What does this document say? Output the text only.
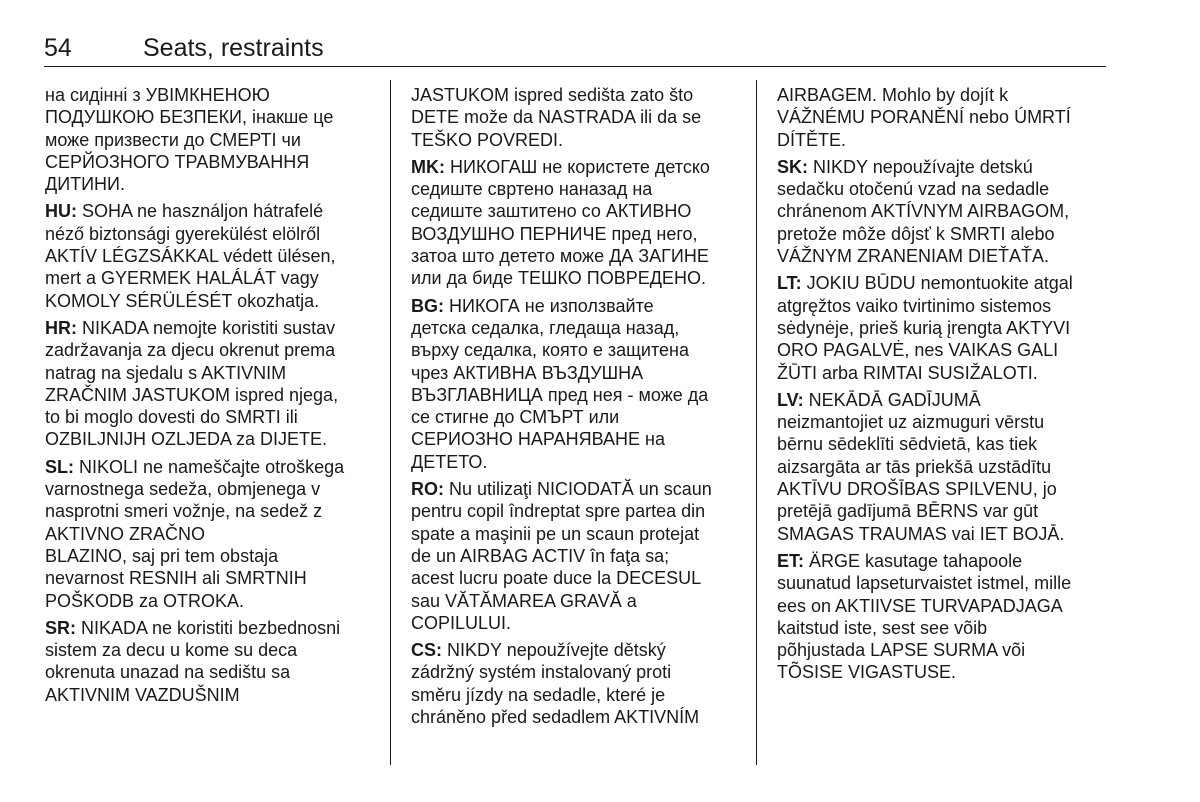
54	Seats, restraints
на сидінні з УВІМКНЕНОЮ
ПОДУШКОЮ БЕЗПЕКИ, інакше це
може призвести до СМЕРТІ чи
СЕРЙОЗНОГО ТРАВМУВАННЯ
ДИТИНИ.
HU: SOHA ne használjon hátrafelé
néző biztonsági gyerekülést elölről
AKTÍV LÉGZSÁKKAL védett ülésen,
mert a GYERMEK HALÁLÁT vagy
KOMOLY SÉRÜLÉSÉT okozhatja.
HR: NIKADA nemojte koristiti sustav
zadržavanja za djecu okrenut prema
natrag na sjedalu s AKTIVNIM
ZRAČNIM JASTUKOM ispred njega,
to bi moglo dovesti do SMRTI ili
OZBILJNIJH OZLJEDA za DIJETE.
SL: NIKOLI ne nameščajte otroškega
varnostnega sedeža, obmjenega v
nasprotni smeri vožnje, na sedež z
AKTIVNO ZRAČNO
BLAZINO, saj pri tem obstaja
nevarnost RESNIH ali SMRTNIH
POŠKODB za OTROKA.
SR: NIKADA ne koristiti bezbednosni
sistem za decu u kome su deca
okrenuta unazad na sedištu sa
AKTIVNIM VAZDUŠNIM
JASTUKOM ispred sedišta zato što
DETE može da NASTRADA ili da se
TEŠKO POVREDI.
MK: НИКОГАШ не користете детско
седиште свртено наназад на
седиште заштитено со АКТИВНО
ВОЗДУШНО ПЕРНИЧЕ пред него,
затоа што детето може ДА ЗАГИНЕ
или да биде ТЕШКО ПОВРЕДЕНО.
BG: НИКОГА не използвайте
детска седалка, гледаща назад,
върху седалка, която е защитена
чрез АКТИВНА ВЪЗДУШНА
ВЪЗГЛАВНИЦА пред нея - може да
се стигне до СМЪРТ или
СЕРИОЗНО НАРАНЯВАНЕ на
ДЕТЕТО.
RO: Nu utilizaţi NICIODATĂ un scaun
pentru copil îndreptat spre partea din
spate a maşinii pe un scaun protejat
de un AIRBAG ACTIV în faţa sa;
acest lucru poate duce la DECESUL
sau VĂTĂMAREA GRAVĂ a
COPILULUI.
CS: NIKDY nepoužívejte dětský
zádržný systém instalovaný proti
směru jízdy na sedadle, které je
chráněno před sedadlem AKTIVNÍM
AIRBAGEM. Mohlo by dojít k
VÁŽNÉMU PORANĚNÍ nebo ÚMRTÍ
DÍTĚTE.
SK: NIKDY nepoužívajte detskú
sedačku otočenú vzad na sedadle
chránenom AKTÍVNYM AIRBAGOM,
pretože môže dôjsť k SMRTI alebo
VÁŽNYM ZRANENIAM DIEŤAŤA.
LT: JOKIU BŪDU nemontuokite atgal
atgręžtos vaiko tvirtinimo sistemos
sėdynėje, prieš kurią įrengta AKTYVI
ORO PAGALVĖ, nes VAIKAS GALI
ŽŪTI arba RIMTAI SUSIŽALOTI.
LV: NEKĀDĀ GADĪJUMĀ
neizmantojiet uz aizmuguri vērstu
bērnu sēdeklīti sēdvietā, kas tiek
aizsargāta ar tās priekšā uzstādītu
AKTĪVU DROŠĪBAS SPILVENU, jo
pretējā gadījumā BĒRNS var gūt
SMAGAS TRAUMAS vai IET BOJĀ.
ET: ÄRGE kasutage tahapoole
suunatud lapseturvaistet istmel, mille
ees on AKTIIVSE TURVAPADJAGA
kaitstud iste, sest see võib
põhjustada LAPSE SURMA või
TÕSISE VIGASTUSE.
